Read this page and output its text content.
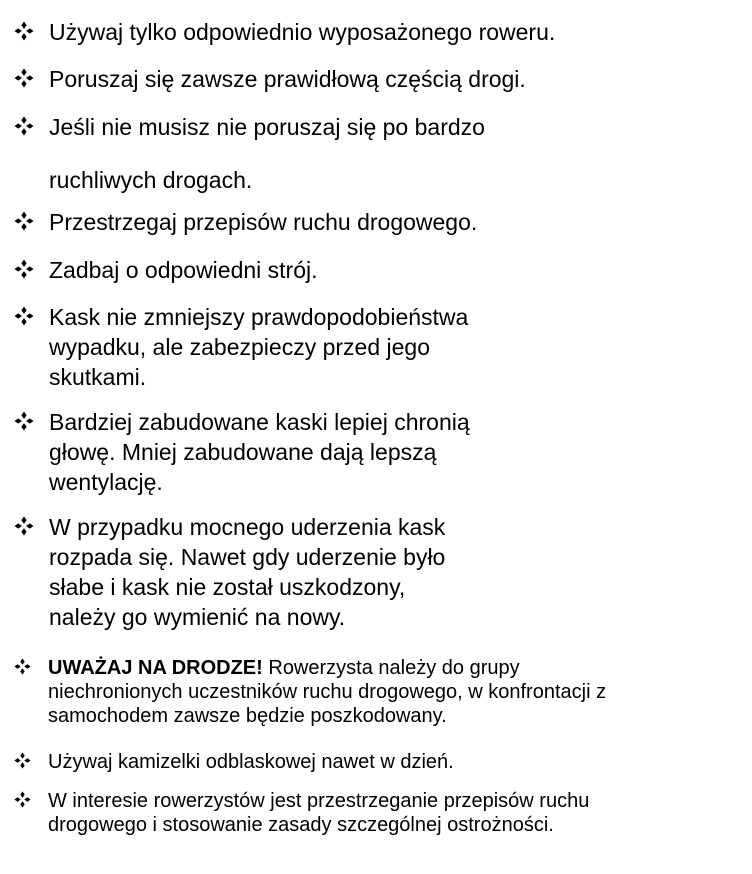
Używaj tylko odpowiednio wyposażonego roweru.

Poruszaj się zawsze prawidłową częścią drogi.

Jeśli nie musisz nie poruszaj się po bardzo
ruchliwych drogach.

Przestrzegaj przepisów ruchu drogowego.

Zadbaj o odpowiedni strój.

Kask nie zmniejszy prawdopodobieństwa
wypadku, ale zabezpieczy przed jego
skutkami.

Bardziej zabudowane kaski lepiej chronią
głowę. Mniej zabudowane dają lepszą
wentylację.

W przypadku mocnego uderzenia kask
rozpada się. Nawet gdy uderzenie było
słabe i kask nie został uszkodzony,
należy go wymienić na nowy.

UWAŻAJ NA DRODZE! Rowerzysta należy do grupy
niechronionych uczestników ruchu drogowego, w konfrontacji z
samochodem zawsze będzie poszkodowany.

Używaj kamizelki odblaskowej nawet w dzień.

W interesie rowerzystów jest przestrzeganie przepisów ruchu
drogowego i stosowanie zasady szczególnej ostrożności.
